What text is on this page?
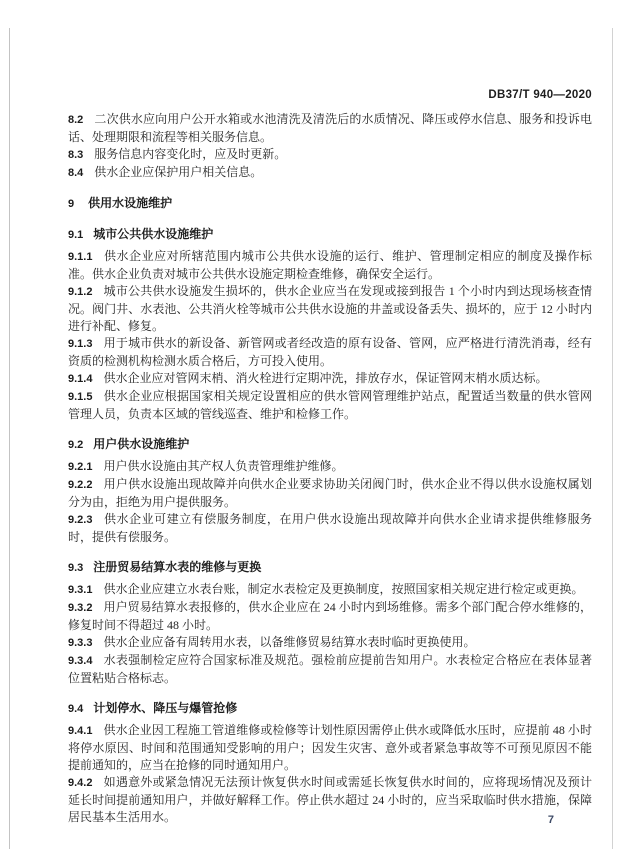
DB37/T 940—2020

8.2 二次供水应向用户公开水箱或水池清洗及清洗后的水质情况、降压或停水信息、服务和投诉电话、处理期限和流程等相关服务信息。

8.3 服务信息内容变化时，应及时更新。

8.4 供水企业应保护用户相关信息。

9 供用水设施维护

9.1 城市公共供水设施维护

9.1.1 供水企业应对所辖范围内城市公共供水设施的运行、维护、管理制定相应的制度及操作标准。供水企业负责对城市公共供水设施定期检查维修，确保安全运行。

9.1.2 城市公共供水设施发生损坏的，供水企业应当在发现或接到报告 1 个小时内到达现场核查情况。阀门井、水表池、公共消火栓等城市公共供水设施的井盖或设备丢失、损坏的，应于 12 小时内进行补配、修复。

9.1.3 用于城市供水的新设备、新管网或者经改造的原有设备、管网，应严格进行清洗消毒，经有资质的检测机构检测水质合格后，方可投入使用。

9.1.4 供水企业应对管网末梢、消火栓进行定期冲洗，排放存水，保证管网末梢水质达标。

9.1.5 供水企业应根据国家相关规定设置相应的供水管网管理维护站点，配置适当数量的供水管网管理人员，负责本区域的管线巡查、维护和检修工作。

9.2 用户供水设施维护

9.2.1 用户供水设施由其产权人负责管理维护维修。

9.2.2 用户供水设施出现故障并向供水企业要求协助关闭阀门时，供水企业不得以供水设施权属划分为由，拒绝为用户提供服务。

9.2.3 供水企业可建立有偿服务制度，在用户供水设施出现故障并向供水企业请求提供维修服务时，提供有偿服务。

9.3 注册贸易结算水表的维修与更换

9.3.1 供水企业应建立水表台账，制定水表检定及更换制度，按照国家相关规定进行检定或更换。

9.3.2 用户贸易结算水表报修的，供水企业应在 24 小时内到场维修。需多个部门配合停水维修的，修复时间不得超过 48 小时。

9.3.3 供水企业应备有周转用水表，以备维修贸易结算水表时临时更换使用。

9.3.4 水表强制检定应符合国家标准及规范。强检前应提前告知用户。水表检定合格应在表体显著位置粘贴合格标志。

9.4 计划停水、降压与爆管抢修

9.4.1 供水企业因工程施工管道维修或检修等计划性原因需停止供水或降低水压时，应提前 48 小时将停水原因、时间和范围通知受影响的用户；因发生灾害、意外或者紧急事故等不可预见原因不能提前通知的，应当在抢修的同时通知用户。

9.4.2 如遇意外或紧急情况无法预计恢复供水时间或需延长恢复供水时间的，应将现场情况及预计延长时间提前通知用户，并做好解释工作。停止供水超过 24 小时的，应当采取临时供水措施，保障居民基本生活用水。	7
